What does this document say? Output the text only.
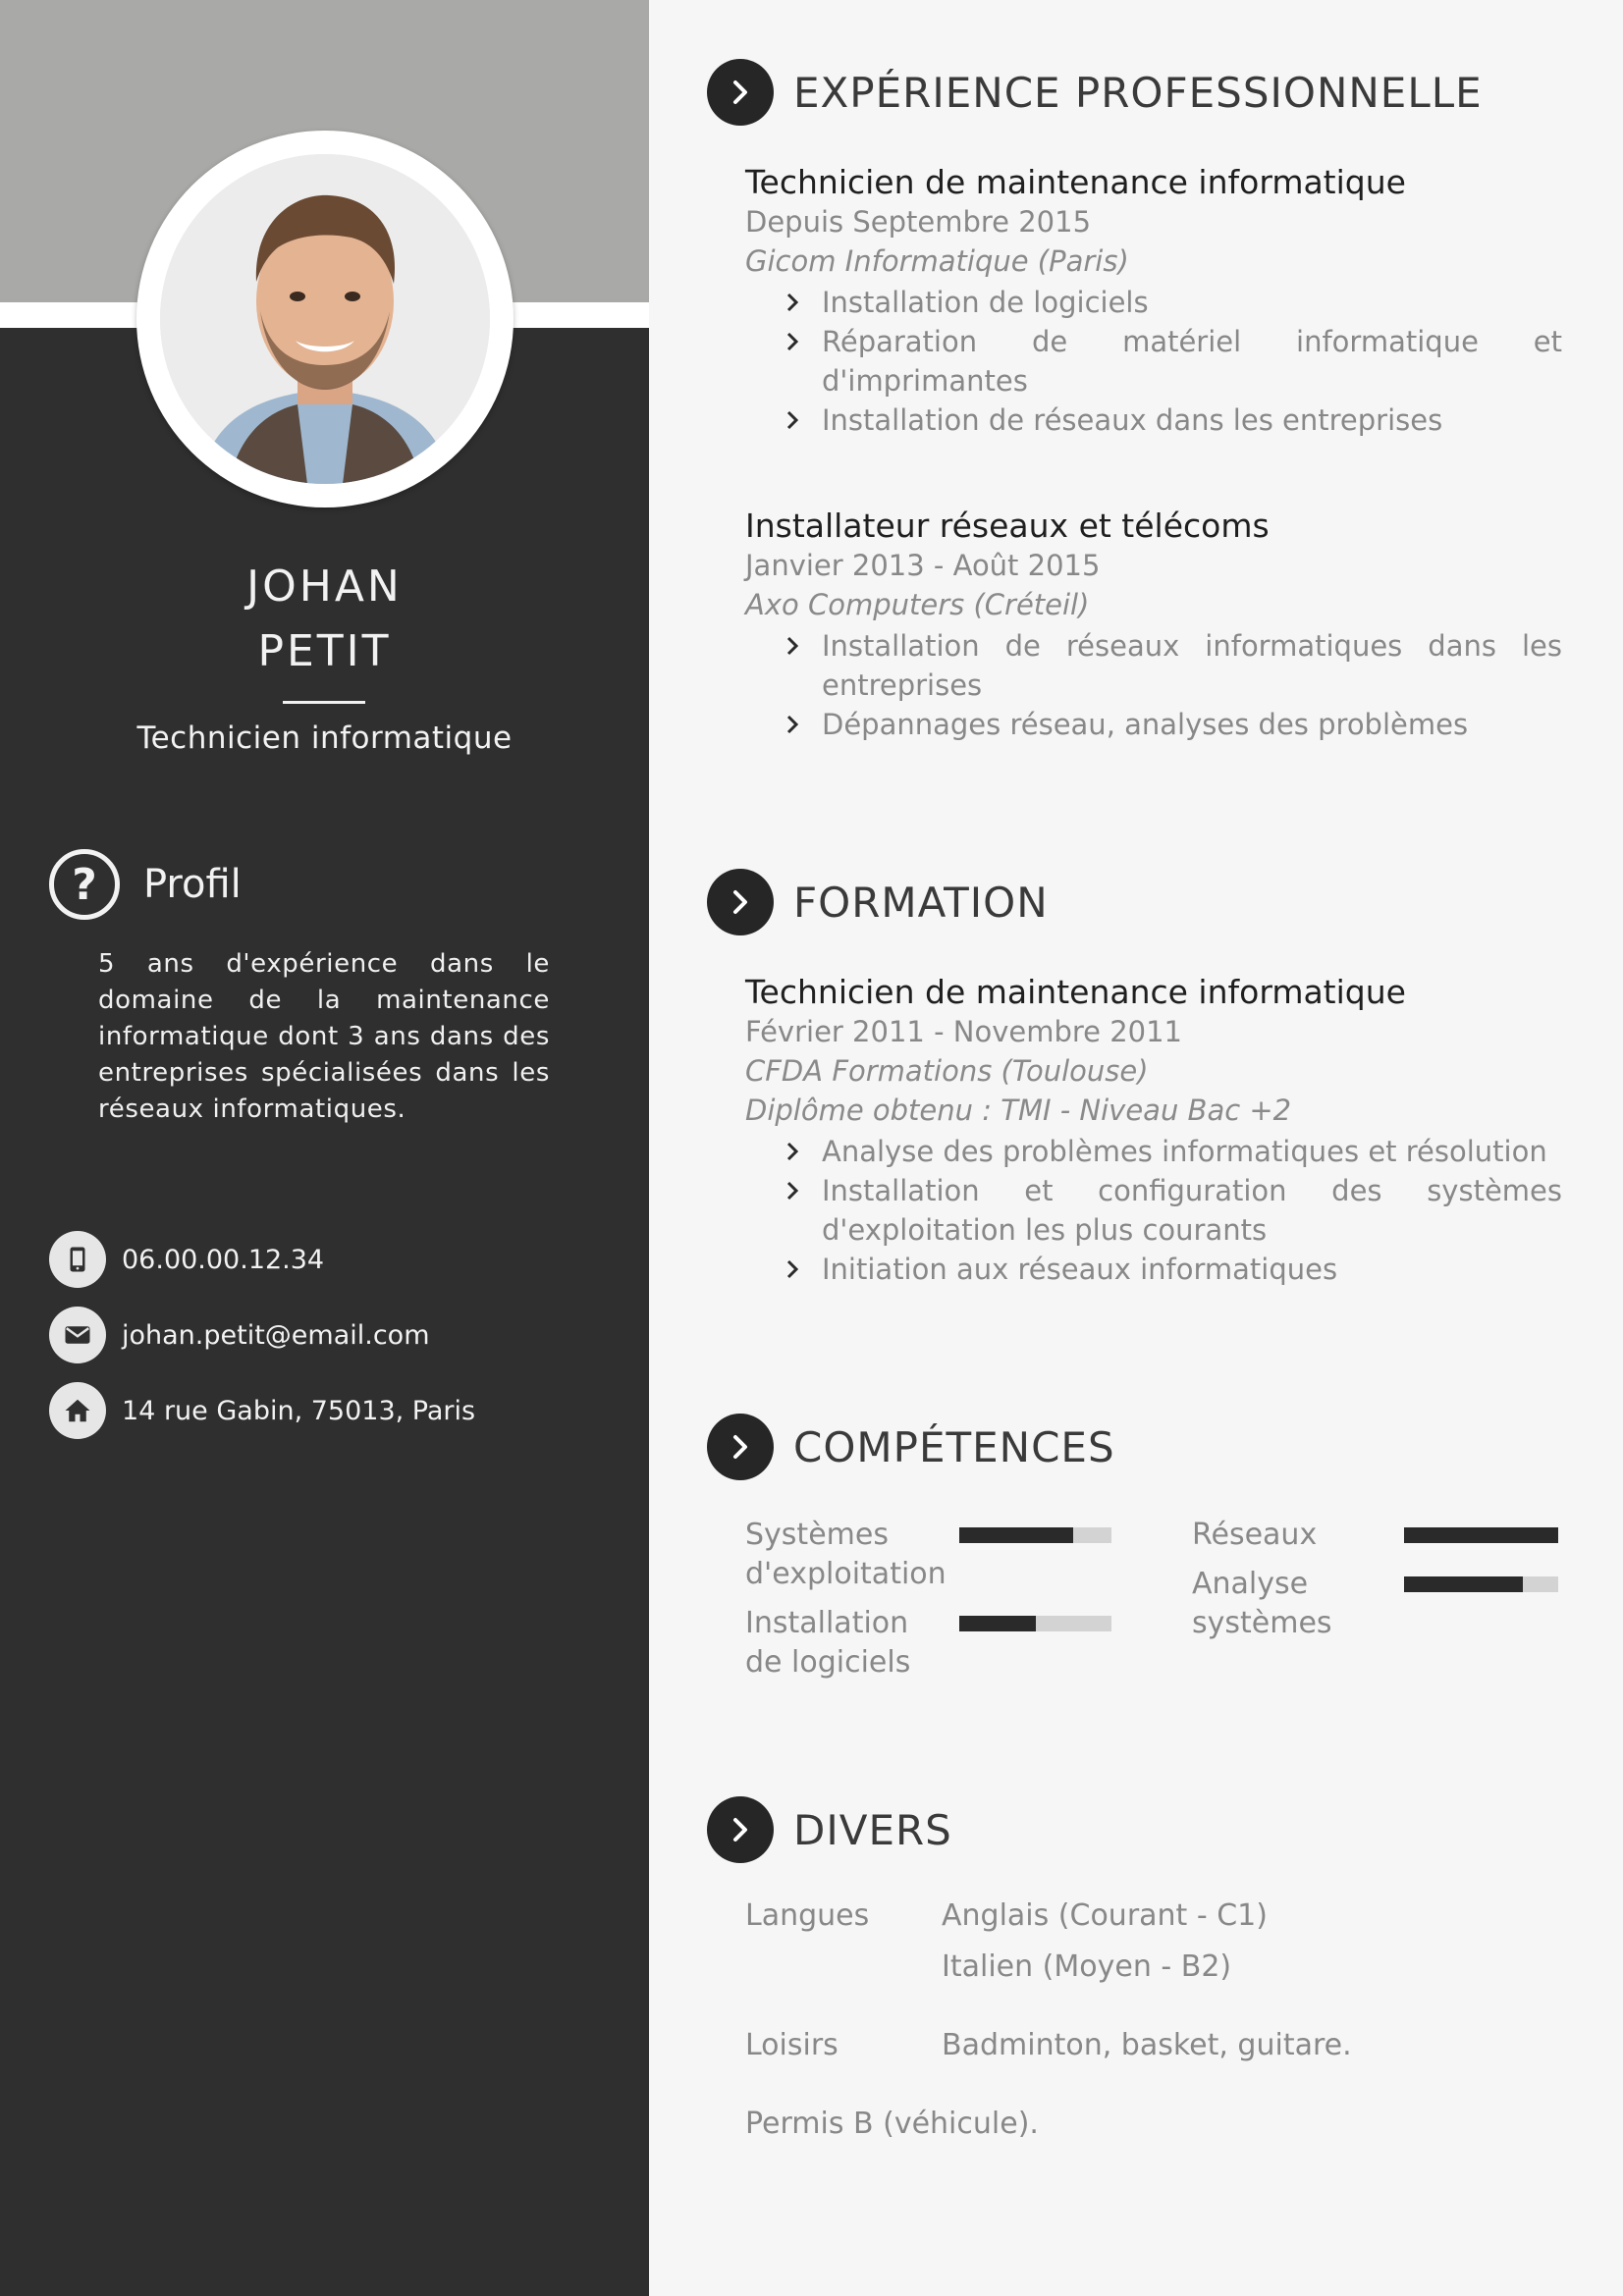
JOHAN
PETIT
Technicien informatique
?	Profil
5 ans d'expérience dans le domaine de la maintenance informatique dont 3 ans dans des entreprises spécialisées dans les réseaux informatiques.
06.00.00.12.34
johan.petit@email.com
14 rue Gabin, 75013, Paris
EXPÉRIENCE PROFESSIONNELLE
Technicien de maintenance informatique
Depuis Septembre 2015
Gicom Informatique (Paris)
Installation de logiciels
Réparation de matériel informatique et d'imprimantes
Installation de réseaux dans les entreprises
Installateur réseaux et télécoms
Janvier 2013 - Août 2015
Axo Computers (Créteil)
Installation de réseaux informatiques dans les entreprises
Dépannages réseau, analyses des problèmes
FORMATION
Technicien de maintenance informatique
Février 2011 - Novembre 2011
CFDA Formations (Toulouse)
Diplôme obtenu : TMI - Niveau Bac +2
Analyse des problèmes informatiques et résolution
Installation et configuration des systèmes d'exploitation les plus courants
Initiation aux réseaux informatiques
COMPÉTENCES
Systèmes d'exploitation
Installation de logiciels
Réseaux
Analyse systèmes
DIVERS
Langues Anglais (Courant - C1)
Italien (Moyen - B2)
Loisirs	Badminton, basket, guitare.
Permis B (véhicule).
